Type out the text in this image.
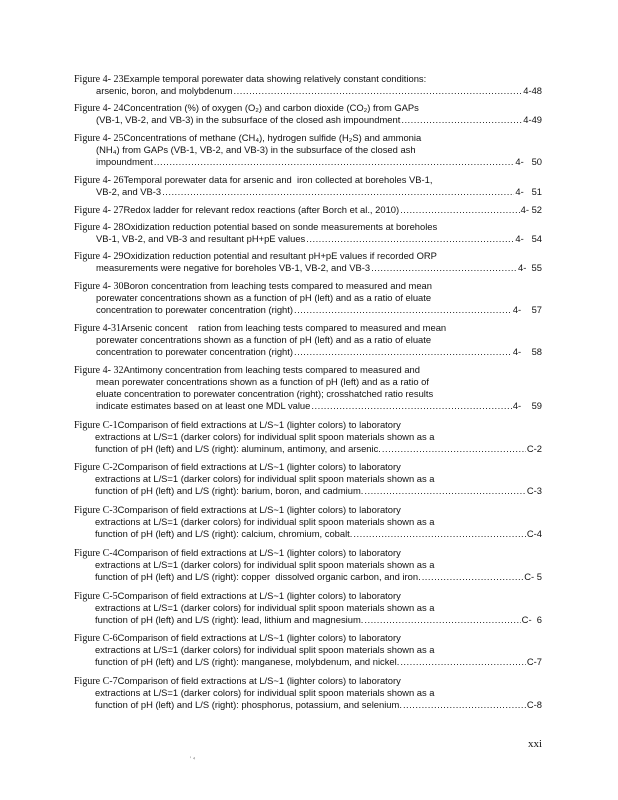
Figure 4- 23 Example temporal porewater data showing relatively constant conditions:
arsenic, boron, and molybdenum .....	4-48
Figure 4- 24 Concentration (%) of oxygen (O₂) and carbon dioxide (CO₂) from GAPs
(VB-1, VB-2, and VB-3) in the subsurface of the closed ash impoundment .....	4-49
Figure 4- 25 Concentrations of methane (CH₄), hydrogen sulfide (H₂S) and ammonia
(NH₄) from GAPs (VB-1, VB-2, and VB-3) in the subsurface of the closed ash
impoundment .....	4-   50
Figure 4- 26 Temporal porewater data for arsenic and  iron collected at boreholes VB-1,
VB-2, and VB-3 .....	4-   51
Figure 4- 27 Redox ladder for relevant redox reactions (after Borch et al., 2010) .....	4- 52
Figure 4- 28 Oxidization reduction potential based on sonde measurements at boreholes
VB-1, VB-2, and VB-3 and resultant pH+pE values .....	4-   54
Figure 4- 29 Oxidization reduction potential and resultant pH+pE values if recorded ORP
measurements were negative for boreholes VB-1, VB-2, and VB-3 .....	4-  55
Figure 4- 30 Boron concentration from leaching tests compared to measured and mean
porewater concentrations shown as a function of pH (left) and as a ratio of eluate
concentration to porewater concentration (right) .....	4-    57
Figure 4-31 Arsenic concent    ration from leaching tests compared to measured and mean
porewater concentrations shown as a function of pH (left) and as a ratio of eluate
concentration to porewater concentration (right) .....	4-    58
Figure 4- 32 Antimony concentration from leaching tests compared to measured and
mean porewater concentrations shown as a function of pH (left) and as a ratio of
eluate concentration to porewater concentration (right); crosshatched ratio results
indicate estimates based on at least one MDL value .....	4-    59
Figure C-1 Comparison of field extractions at L/S~1 (lighter colors) to laboratory
extractions at L/S=1 (darker colors) for individual split spoon materials shown as a
function of pH (left) and L/S (right): aluminum, antimony, and arsenic. .....	C-2
Figure C-2 Comparison of field extractions at L/S~1 (lighter colors) to laboratory
extractions at L/S=1 (darker colors) for individual split spoon materials shown as a
function of pH (left) and L/S (right): barium, boron, and cadmium. .....	C-3
Figure C-3 Comparison of field extractions at L/S~1 (lighter colors) to laboratory
extractions at L/S=1 (darker colors) for individual split spoon materials shown as a
function of pH (left) and L/S (right): calcium, chromium, cobalt. .....	C-4
Figure C-4 Comparison of field extractions at L/S~1 (lighter colors) to laboratory
extractions at L/S=1 (darker colors) for individual split spoon materials shown as a
function of pH (left) and L/S (right): copper  dissolved organic carbon, and iron. .....	C- 5
Figure C-5 Comparison of field extractions at L/S~1 (lighter colors) to laboratory
extractions at L/S=1 (darker colors) for individual split spoon materials shown as a
function of pH (left) and L/S (right): lead, lithium and magnesium. .....	C-  6
Figure C-6 Comparison of field extractions at L/S~1 (lighter colors) to laboratory
extractions at L/S=1 (darker colors) for individual split spoon materials shown as a
function of pH (left) and L/S (right): manganese, molybdenum, and nickel. .....	C-7
Figure C-7 Comparison of field extractions at L/S~1 (lighter colors) to laboratory
extractions at L/S=1 (darker colors) for individual split spoon materials shown as a
function of pH (left) and L/S (right): phosphorus, potassium, and selenium. .....	C-8
xxi
′ ⁴
